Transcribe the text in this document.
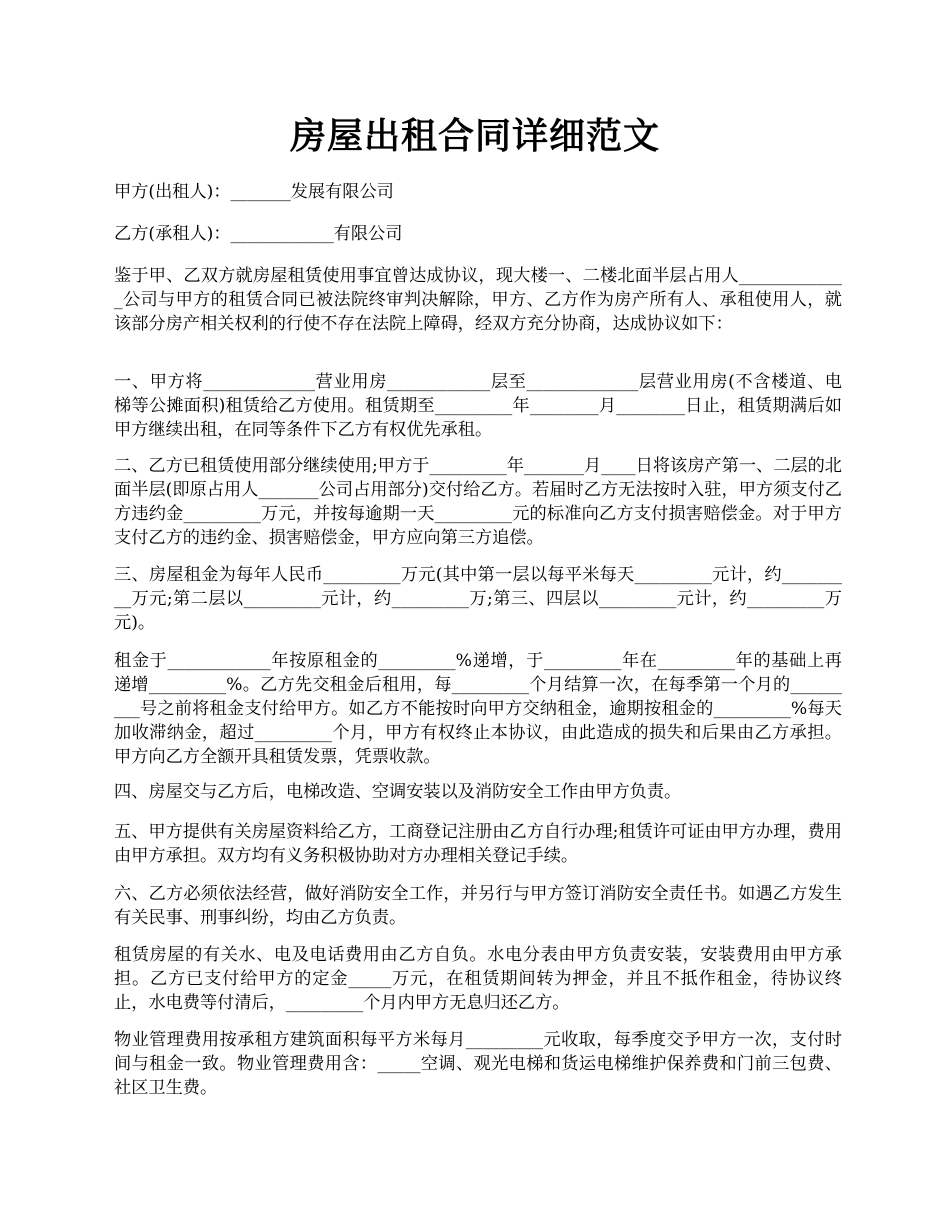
房屋出租合同详细范文

甲方(出租人)：_______发展有限公司

乙方(承租人)：____________有限公司

鉴于甲、乙双方就房屋租赁使用事宜曾达成协议，现大楼一、二楼北面半层占用人_____________公司与甲方的租赁合同已被法院终审判决解除，甲方、乙方作为房产所有人、承租使用人，就该部分房产相关权利的行使不存在法院上障碍，经双方充分协商，达成协议如下：

一、甲方将_____________营业用房____________层至_____________层营业用房(不含楼道、电梯等公摊面积)租赁给乙方使用。租赁期至_________年________月________日止，租赁期满后如甲方继续出租，在同等条件下乙方有权优先承租。

二、乙方已租赁使用部分继续使用;甲方于_________年_______月____日将该房产第一、二层的北面半层(即原占用人_______公司占用部分)交付给乙方。若届时乙方无法按时入驻，甲方须支付乙方违约金_________万元，并按每逾期一天_________元的标准向乙方支付损害赔偿金。对于甲方支付乙方的违约金、损害赔偿金，甲方应向第三方追偿。

三、房屋租金为每年人民币_________万元(其中第一层以每平米每天_________元计，约_________万元;第二层以_________元计，约_________万;第三、四层以_________元计，约_________万元)。

租金于____________年按原租金的_________%递增，于_________年在_________年的基础上再递增_________%。乙方先交租金后租用，每_________个月结算一次，在每季第一个月的_________号之前将租金支付给甲方。如乙方不能按时向甲方交纳租金，逾期按租金的_________%每天加收滞纳金，超过_________个月，甲方有权终止本协议，由此造成的损失和后果由乙方承担。甲方向乙方全额开具租赁发票，凭票收款。

四、房屋交与乙方后，电梯改造、空调安装以及消防安全工作由甲方负责。

五、甲方提供有关房屋资料给乙方，工商登记注册由乙方自行办理;租赁许可证由甲方办理，费用由甲方承担。双方均有义务积极协助对方办理相关登记手续。

六、乙方必须依法经营，做好消防安全工作，并另行与甲方签订消防安全责任书。如遇乙方发生有关民事、刑事纠纷，均由乙方负责。

租赁房屋的有关水、电及电话费用由乙方自负。水电分表由甲方负责安装，安装费用由甲方承担。乙方已支付给甲方的定金_____万元，在租赁期间转为押金，并且不抵作租金，待协议终止，水电费等付清后，_________个月内甲方无息归还乙方。

物业管理费用按承租方建筑面积每平方米每月_________元收取，每季度交予甲方一次，支付时间与租金一致。物业管理费用含：_____空调、观光电梯和货运电梯维护保养费和门前三包费、社区卫生费。
